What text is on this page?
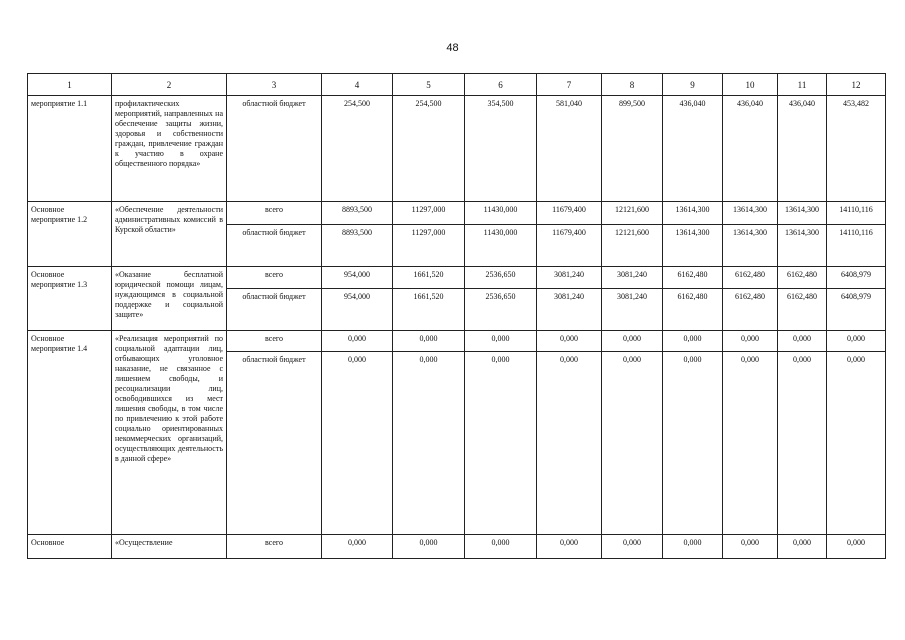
48
1	2	3	4	5	6	7	8	9	10	11	12
мероприятие 1.1	профилактических мероприятий, направленных на обеспечение защиты жизни, здоровья и собственности граждан, привлечение граждан к участию в охране общественного порядка»	областной бюджет	254,500	254,500	354,500	581,040	899,500	436,040	436,040	436,040	453,482
Основное мероприятие 1.2	«Обеспечение деятельности административных комиссий в Курской области»	всего	8893,500	11297,000	11430,000	11679,400	12121,600	13614,300	13614,300	13614,300	14110,116
		областной бюджет	8893,500	11297,000	11430,000	11679,400	12121,600	13614,300	13614,300	13614,300	14110,116
Основное мероприятие 1.3	«Оказание бесплатной юридической помощи лицам, нуждающимся в социальной поддержке и социальной защите»	всего	954,000	1661,520	2536,650	3081,240	3081,240	6162,480	6162,480	6162,480	6408,979
		областной бюджет	954,000	1661,520	2536,650	3081,240	3081,240	6162,480	6162,480	6162,480	6408,979
Основное мероприятие 1.4	«Реализация мероприятий по социальной адаптации лиц, отбывающих уголовное наказание, не связанное с лишением свободы, и ресоциализации лиц, освободившихся из мест лишения свободы, в том числе по привлечению к этой работе социально ориентированных некоммерческих организаций, осуществляющих деятельность в данной сфере»	всего	0,000	0,000	0,000	0,000	0,000	0,000	0,000	0,000	0,000
		областной бюджет	0,000	0,000	0,000	0,000	0,000	0,000	0,000	0,000	0,000
Основное	«Осуществление	всего	0,000	0,000	0,000	0,000	0,000	0,000	0,000	0,000	0,000
